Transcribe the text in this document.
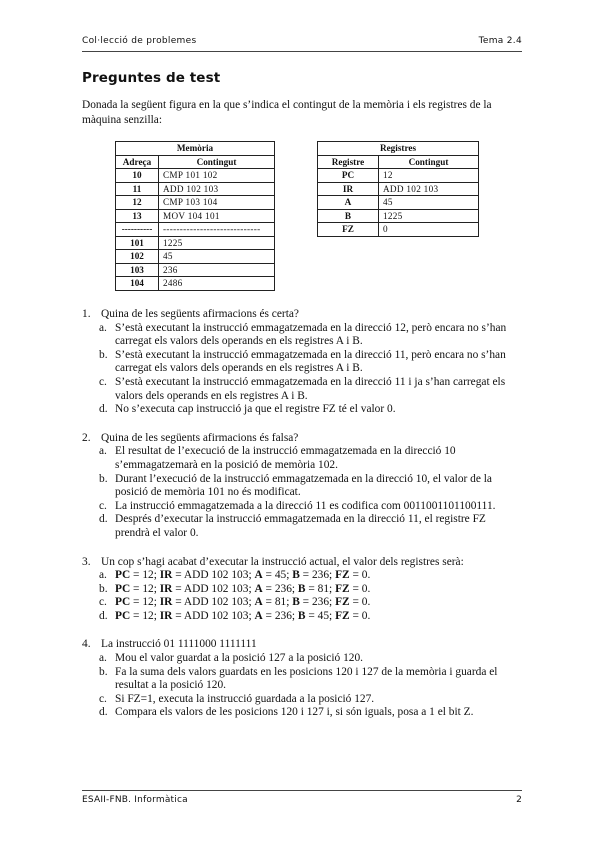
Col·lecció de problemes	Tema 2.4
Preguntes de test
Donada la següent figura en la que s’indica el contingut de la memòria i els registres de la màquina senzilla:
Memòria	
Adreça	Contingut
10	CMP 101 102
11	ADD 102 103
12	CMP 103 104
13	MOV 104 101
----------	-----------------------------
101	1225
102	45
103	236
104	2486
Registres	
Registre	Contingut
PC	12
IR	ADD 102 103
A	45
B	1225
FZ	0
1. Quina de les següents afirmacions és certa?
a. S’està executant la instrucció emmagatzemada en la direcció 12, però encara no s’han carregat els valors dels operands en els registres A i B.
b. S’està executant la instrucció emmagatzemada en la direcció 11, però encara no s’han carregat els valors dels operands en els registres A i B.
c. S’està executant la instrucció emmagatzemada en la direcció 11 i ja s’han carregat els valors dels operands en els registres A i B.
d. No s’executa cap instrucció ja que el registre FZ té el valor 0.
2. Quina de les següents afirmacions és falsa?
a. El resultat de l’execució de la instrucció emmagatzemada en la direcció 10 s’emmagatzemarà en la posició de memòria 102.
b. Durant l’execució de la instrucció emmagatzemada en la direcció 10, el valor de la posició de memòria 101 no és modificat.
c. La instrucció emmagatzemada a la direcció 11 es codifica com 0011001101100111.
d. Després d’executar la instrucció emmagatzemada en la direcció 11, el registre FZ prendrà el valor 0.
3. Un cop s’hagi acabat d’executar la instrucció actual, el valor dels registres serà:
a. PC = 12; IR = ADD 102 103; A = 45; B = 236; FZ = 0.
b. PC = 12; IR = ADD 102 103; A = 236; B = 81; FZ = 0.
c. PC = 12; IR = ADD 102 103; A = 81; B = 236; FZ = 0.
d. PC = 12; IR = ADD 102 103; A = 236; B = 45; FZ = 0.
4. La instrucció 01 1111000 1111111
a. Mou el valor guardat a la posició 127 a la posició 120.
b. Fa la suma dels valors guardats en les posicions 120 i 127 de la memòria i guarda el resultat a la posició 120.
c. Si FZ=1, executa la instrucció guardada a la posició 127.
d. Compara els valors de les posicions 120 i 127 i, si són iguals, posa a 1 el bit Z.
ESAII-FNB. Informàtica	2
